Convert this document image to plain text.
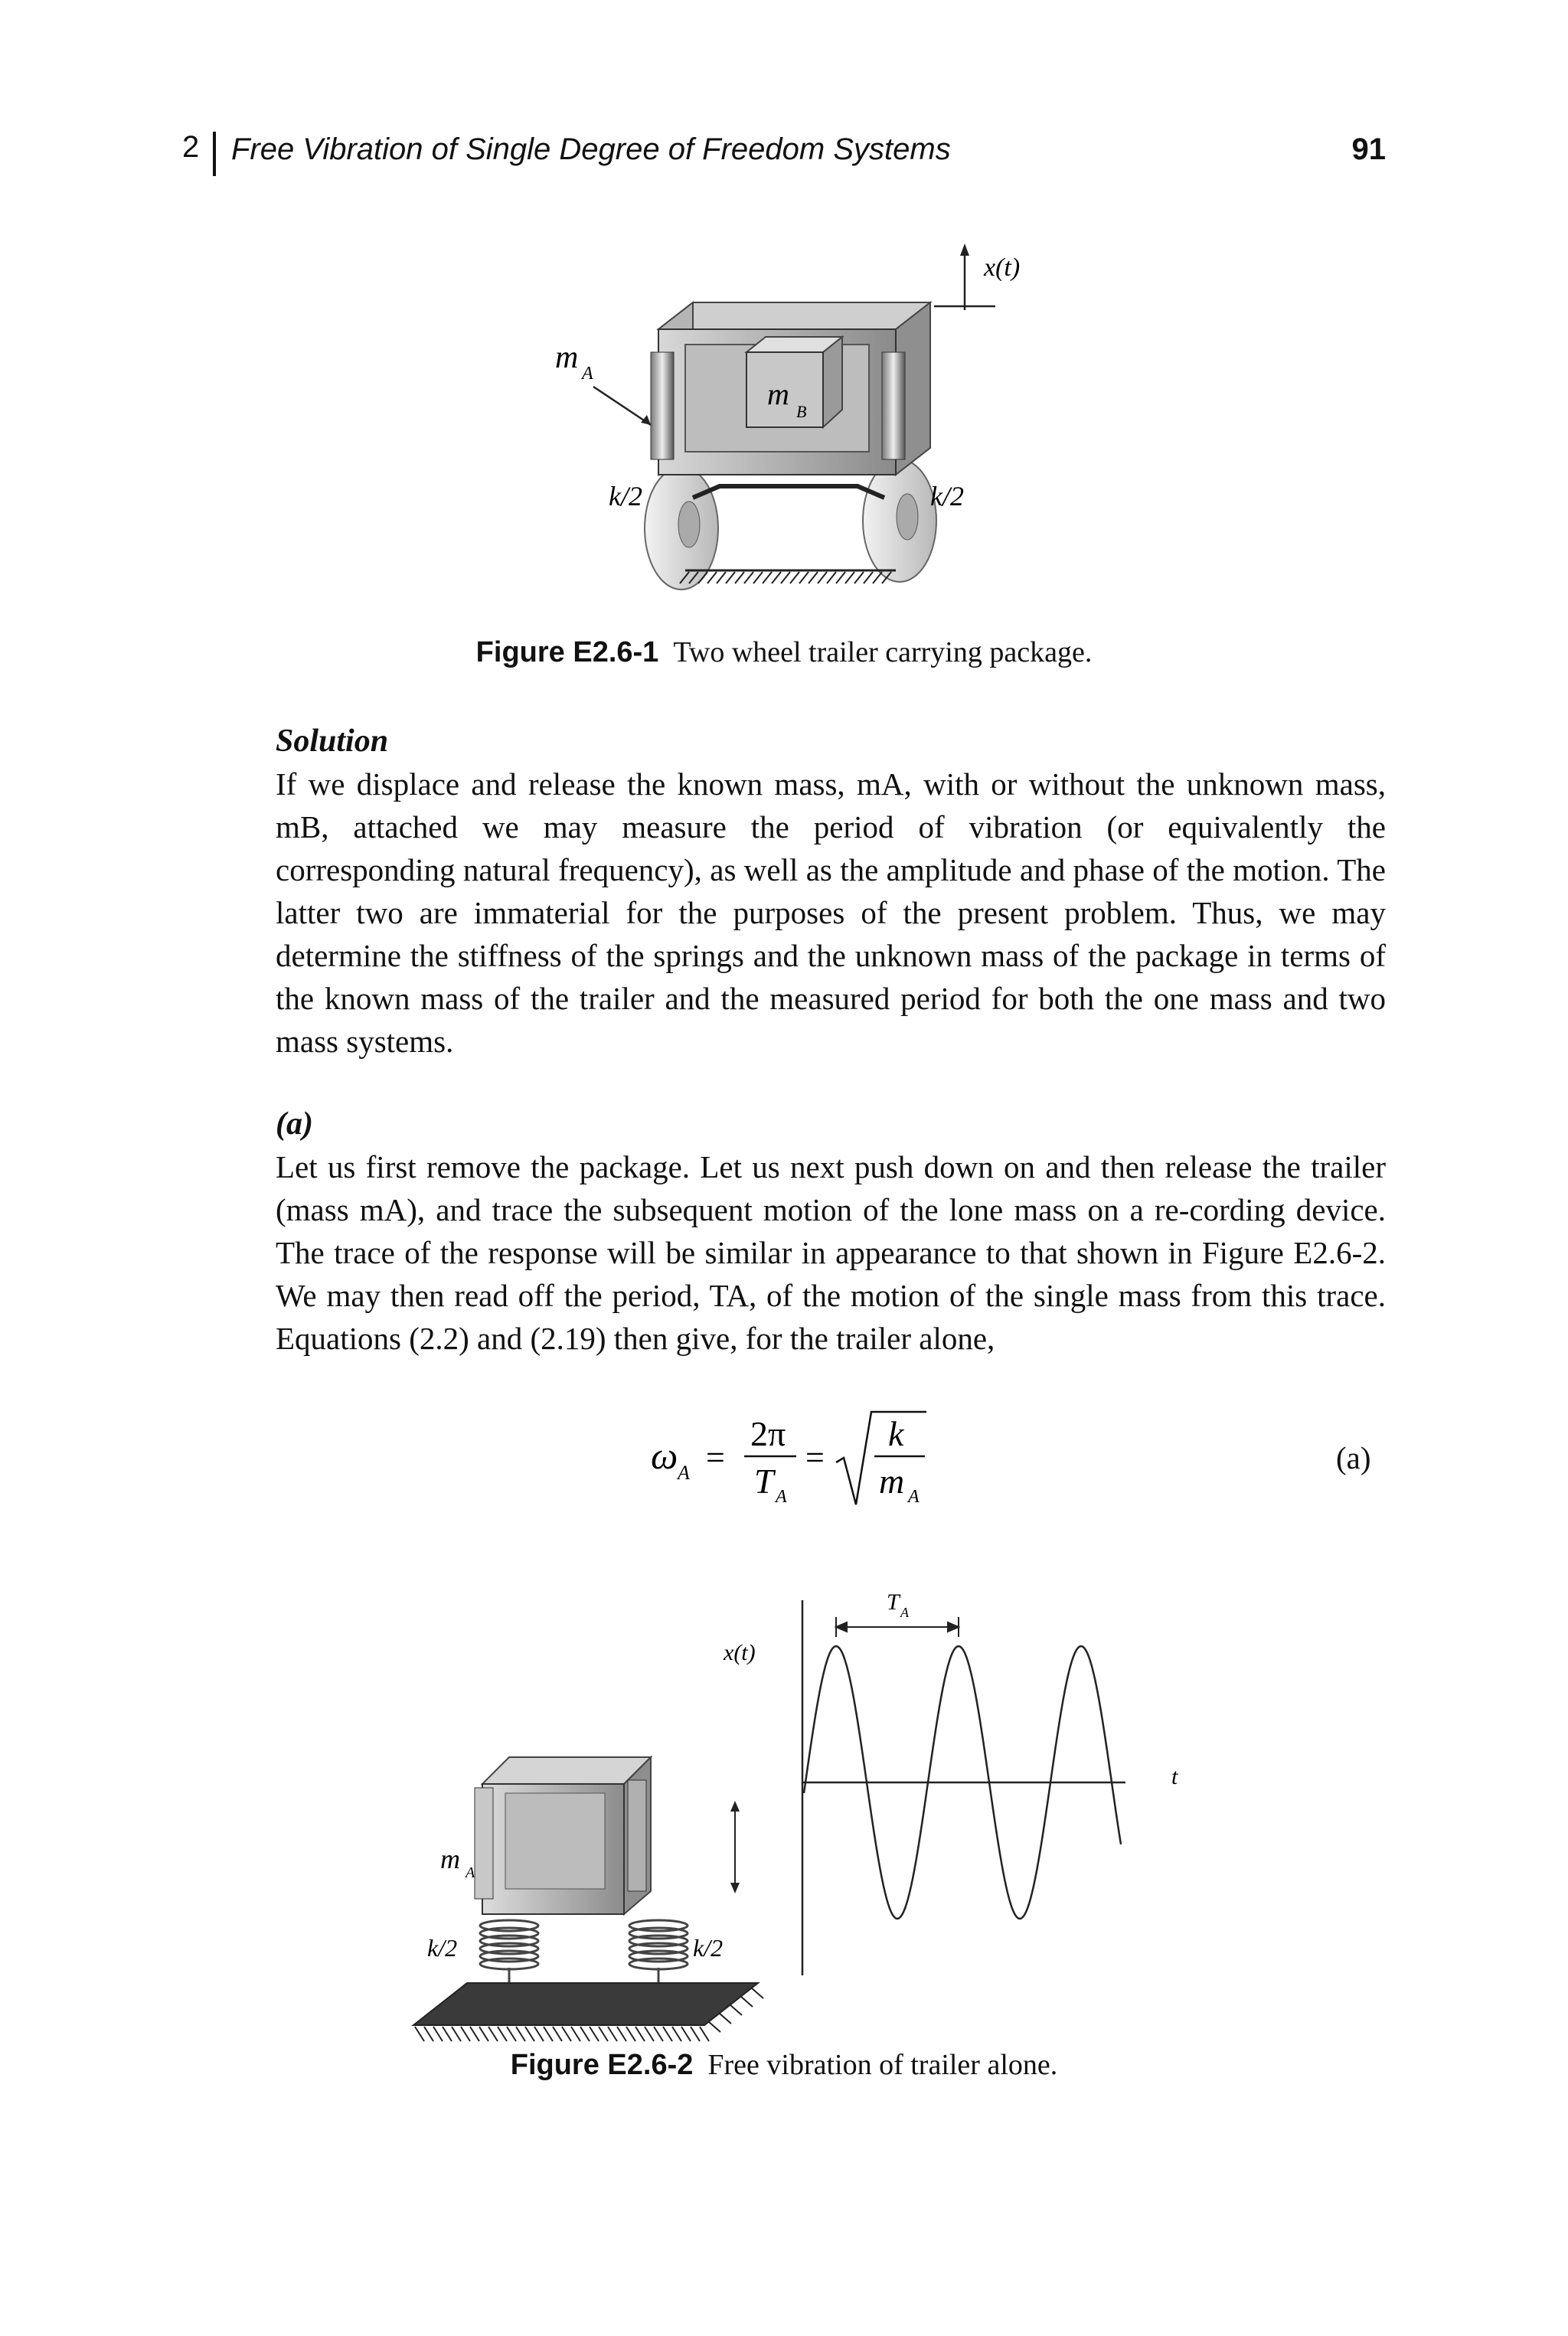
2 Free Vibration of Single Degree of Freedom Systems	91
x(t)
m A
m
B
k/2	k/2
Figure E2.6-1 Two wheel trailer carrying package.
Solution

If we displace and release the known mass, mA, with or without the unknown mass, mB, attached we may measure the period of vibration (or equivalently the corresponding natural frequency), as well as the amplitude and phase of the motion. The latter two are immaterial for the purposes of the present problem. Thus, we may determine the stiffness of the springs and the unknown mass of the package in terms of the known mass of the trailer and the measured period for both the one mass and two mass systems.

(a)

Let us first remove the package. Let us next push down on and then release the trailer (mass mA), and trace the subsequent motion of the lone mass on a re-cording device. The trace of the response will be similar in appearance to that shown in Figure E2.6-2. We may then read off the period, TA, of the motion of the single mass from this trace. Equations (2.2) and (2.19) then give, for the trailer alone,

ω A =
2π
T A
=
k
m A
(a)
T A
x(t)
t
m A
k/2	k/2
Figure E2.6-2 Free vibration of trailer alone.
